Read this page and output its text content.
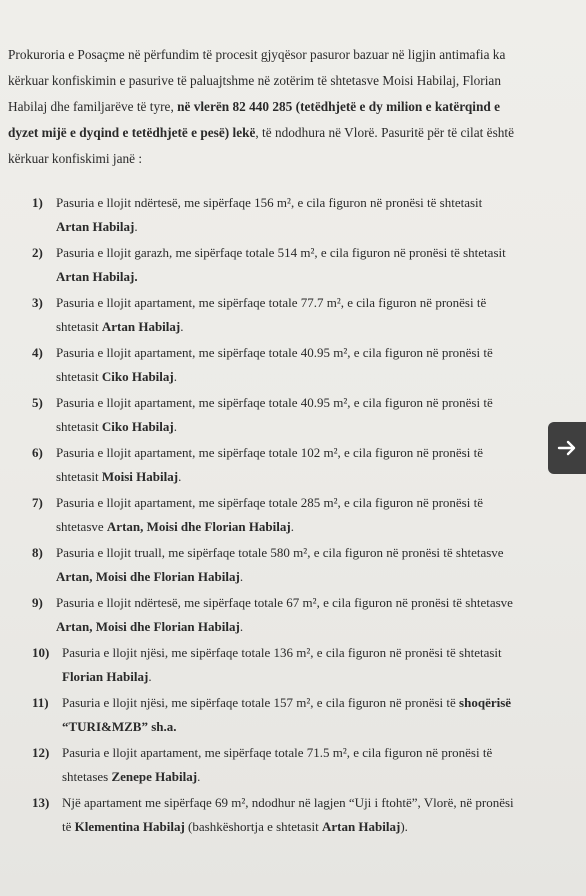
Prokuroria e Posaçme në përfundim të procesit gjyqësor pasuror bazuar në ligjin antimafia ka
kërkuar konfiskimin e pasurive të paluajtshme në zotërim të shtetasve Moisi Habilaj, Florian
Habilaj dhe familjarëve të tyre, në vlerën 82 440 285 (tetëdhjetë e dy milion e katërqind e
dyzet mijë e dyqind e tetëdhjetë e pesë) lekë, të ndodhura në Vlorë. Pasuritë për të cilat është
kërkuar konfiskimi janë :
1) Pasuria e llojit ndërtesë, me sipërfaqe 156 m², e cila figuron në pronësi të shtetasit
Artan Habilaj.
2) Pasuria e llojit garazh, me sipërfaqe totale 514 m², e cila figuron në pronësi të shtetasit
Artan Habilaj.
3) Pasuria e llojit apartament, me sipërfaqe totale 77.7 m², e cila figuron në pronësi të
shtetasit Artan Habilaj.
4) Pasuria e llojit apartament, me sipërfaqe totale 40.95 m², e cila figuron në pronësi të
shtetasit Ciko Habilaj.
5) Pasuria e llojit apartament, me sipërfaqe totale 40.95 m², e cila figuron në pronësi të
shtetasit Ciko Habilaj.
6) Pasuria e llojit apartament, me sipërfaqe totale 102 m², e cila figuron në pronësi të
shtetasit Moisi Habilaj.
7) Pasuria e llojit apartament, me sipërfaqe totale 285 m², e cila figuron në pronësi të
shtetasve Artan, Moisi dhe Florian Habilaj.
8) Pasuria e llojit truall, me sipërfaqe totale 580 m², e cila figuron në pronësi të shtetasve
Artan, Moisi dhe Florian Habilaj.
9) Pasuria e llojit ndërtesë, me sipërfaqe totale 67 m², e cila figuron në pronësi të shtetasve
Artan, Moisi dhe Florian Habilaj.
10) Pasuria e llojit njësi, me sipërfaqe totale 136 m², e cila figuron në pronësi të shtetasit
Florian Habilaj.
11) Pasuria e llojit njësi, me sipërfaqe totale 157 m², e cila figuron në pronësi të shoqërisë
“TURI&MZB” sh.a.
12) Pasuria e llojit apartament, me sipërfaqe totale 71.5 m², e cila figuron në pronësi të
shtetases Zenepe Habilaj.
13) Një apartament me sipërfaqe 69 m², ndodhur në lagjen “Uji i ftohtë”, Vlorë, në pronësi
të Klementina Habilaj (bashkëshortja e shtetasit Artan Habilaj).
